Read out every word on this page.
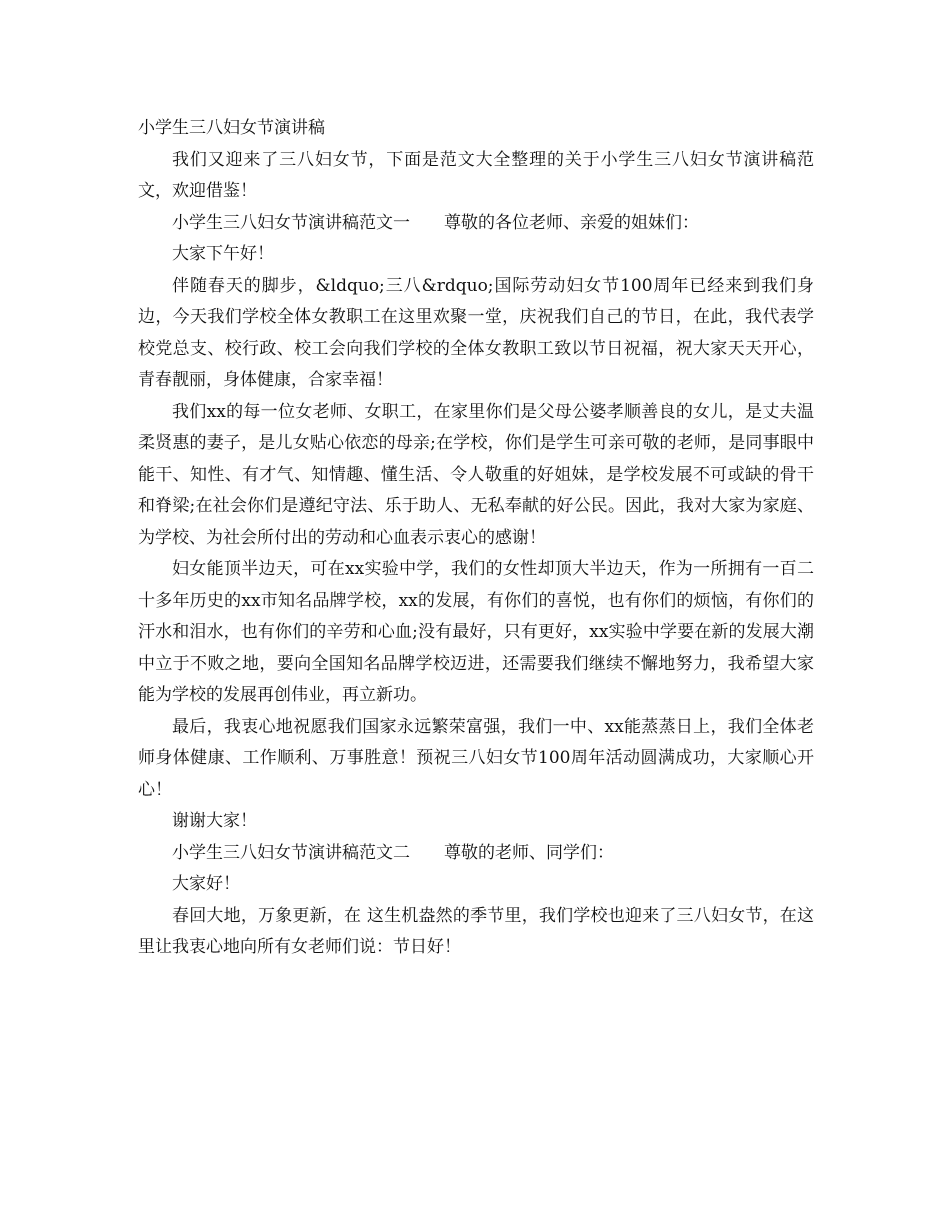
小学生三八妇女节演讲稿

我们又迎来了三八妇女节，下面是范文大全整理的关于小学生三八妇女节演讲稿范文，欢迎借鉴！

小学生三八妇女节演讲稿范文一　　尊敬的各位老师、亲爱的姐妹们：

大家下午好！

伴随春天的脚步，&ldquo;三八&rdquo;国际劳动妇女节100周年已经来到我们身边，今天我们学校全体女教职工在这里欢聚一堂，庆祝我们自己的节日，在此，我代表学校党总支、校行政、校工会向我们学校的全体女教职工致以节日祝福，祝大家天天开心，青春靓丽，身体健康，合家幸福！

我们xx的每一位女老师、女职工，在家里你们是父母公婆孝顺善良的女儿，是丈夫温柔贤惠的妻子，是儿女贴心依恋的母亲;在学校，你们是学生可亲可敬的老师，是同事眼中能干、知性、有才气、知情趣、懂生活、令人敬重的好姐妹，是学校发展不可或缺的骨干和脊梁;在社会你们是遵纪守法、乐于助人、无私奉献的好公民。因此，我对大家为家庭、为学校、为社会所付出的劳动和心血表示衷心的感谢！

妇女能顶半边天，可在xx实验中学，我们的女性却顶大半边天，作为一所拥有一百二十多年历史的xx市知名品牌学校，xx的发展，有你们的喜悦，也有你们的烦恼，有你们的汗水和泪水，也有你们的辛劳和心血;没有最好，只有更好，xx实验中学要在新的发展大潮中立于不败之地，要向全国知名品牌学校迈进，还需要我们继续不懈地努力，我希望大家能为学校的发展再创伟业，再立新功。

最后，我衷心地祝愿我们国家永远繁荣富强，我们一中、xx能蒸蒸日上，我们全体老师身体健康、工作顺利、万事胜意！预祝三八妇女节100周年活动圆满成功，大家顺心开心！

谢谢大家！

小学生三八妇女节演讲稿范文二　　尊敬的老师、同学们：

大家好！

春回大地，万象更新，在 这生机盎然的季节里，我们学校也迎来了三八妇女节，在这里让我衷心地向所有女老师们说：节日好！
